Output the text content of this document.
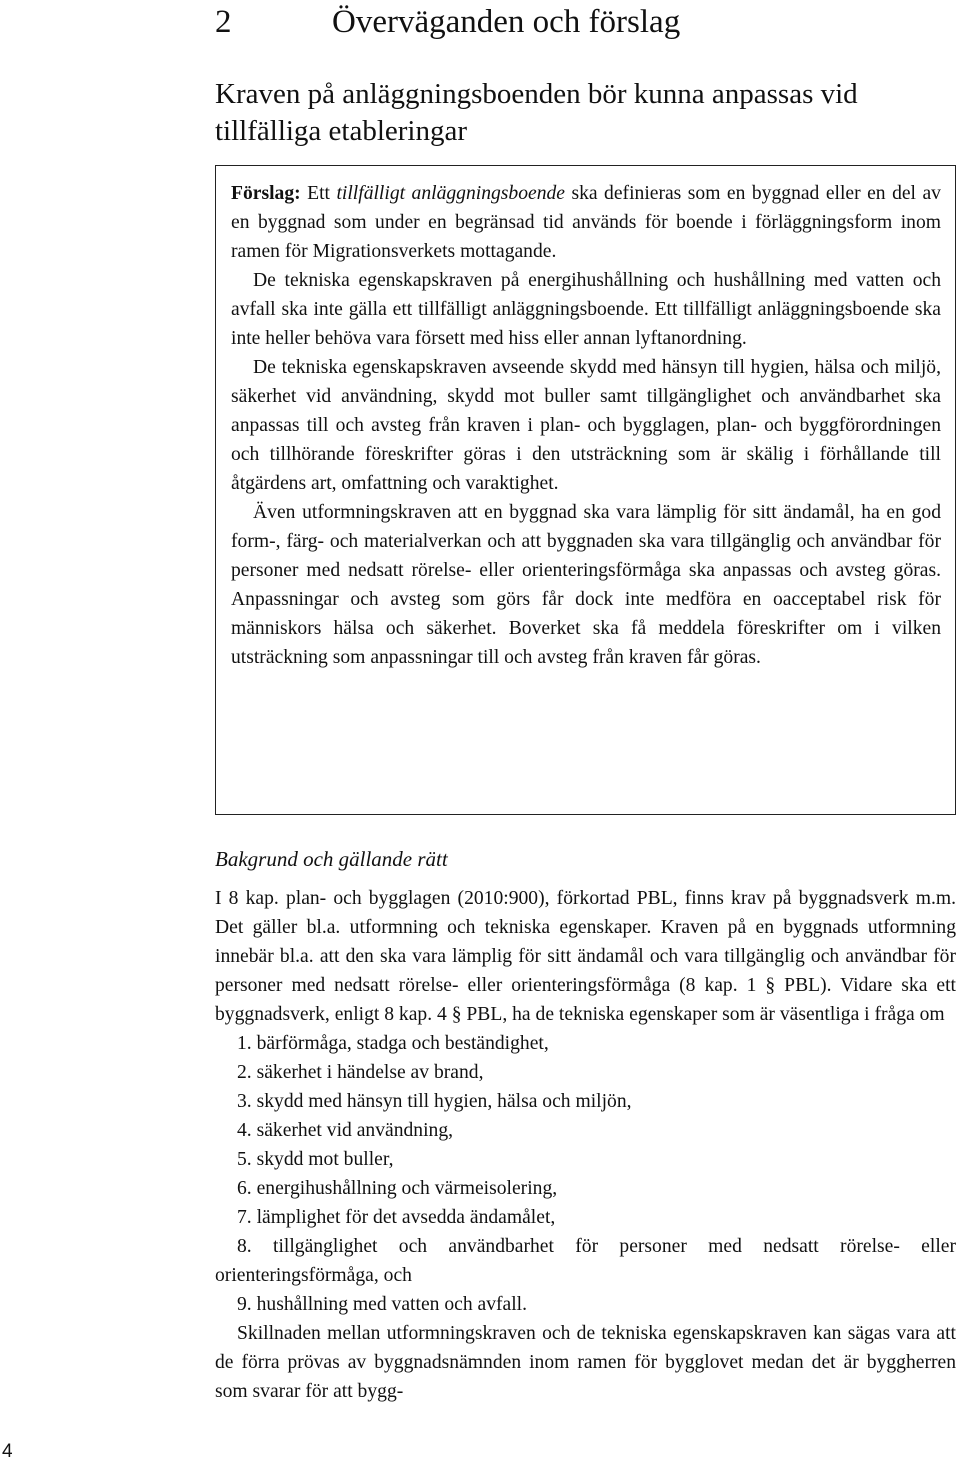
2	Överväganden och förslag
Kraven på anläggningsboenden bör kunna anpassas vid tillfälliga etableringar

Förslag: Ett tillfälligt anläggningsboende ska definieras som en byggnad eller en del av en byggnad som under en begränsad tid används för boende i förläggningsform inom ramen för Migrationsverkets mottagande.

De tekniska egenskapskraven på energihushållning och hushållning med vatten och avfall ska inte gälla ett tillfälligt anläggningsboende. Ett tillfälligt anläggningsboende ska inte heller behöva vara försett med hiss eller annan lyftanordning.

De tekniska egenskapskraven avseende skydd med hänsyn till hygien, hälsa och miljö, säkerhet vid användning, skydd mot buller samt tillgänglighet och användbarhet ska anpassas till och avsteg från kraven i plan- och bygglagen, plan- och byggförordningen och tillhörande föreskrifter göras i den utsträckning som är skälig i förhållande till åtgärdens art, omfattning och varaktighet.

Även utformningskraven att en byggnad ska vara lämplig för sitt ändamål, ha en god form-, färg- och materialverkan och att byggnaden ska vara tillgänglig och användbar för personer med nedsatt rörelse- eller orienteringsförmåga ska anpassas och avsteg göras. Anpassningar och avsteg som görs får dock inte medföra en oacceptabel risk för människors hälsa och säkerhet. Boverket ska få meddela föreskrifter om i vilken utsträckning som anpassningar till och avsteg från kraven får göras.

Bakgrund och gällande rätt

I 8 kap. plan- och bygglagen (2010:900), förkortad PBL, finns krav på byggnadsverk m.m. Det gäller bl.a. utformning och tekniska egenskaper. Kraven på en byggnads utformning innebär bl.a. att den ska vara lämplig för sitt ändamål och vara tillgänglig och användbar för personer med nedsatt rörelse- eller orienteringsförmåga (8 kap. 1 § PBL). Vidare ska ett byggnadsverk, enligt 8 kap. 4 § PBL, ha de tekniska egenskaper som är väsentliga i fråga om

1. bärförmåga, stadga och beständighet,
2. säkerhet i händelse av brand,
3. skydd med hänsyn till hygien, hälsa och miljön,
4. säkerhet vid användning,
5. skydd mot buller,
6. energihushållning och värmeisolering,
7. lämplighet för det avsedda ändamålet,
8. tillgänglighet och användbarhet för personer med nedsatt rörelse- eller orienteringsförmåga, och
9. hushållning med vatten och avfall.

Skillnaden mellan utformningskraven och de tekniska egenskapskraven kan sägas vara att de förra prövas av byggnadsnämnden inom ramen för bygglovet medan det är byggherren som svarar för att bygg-

4
